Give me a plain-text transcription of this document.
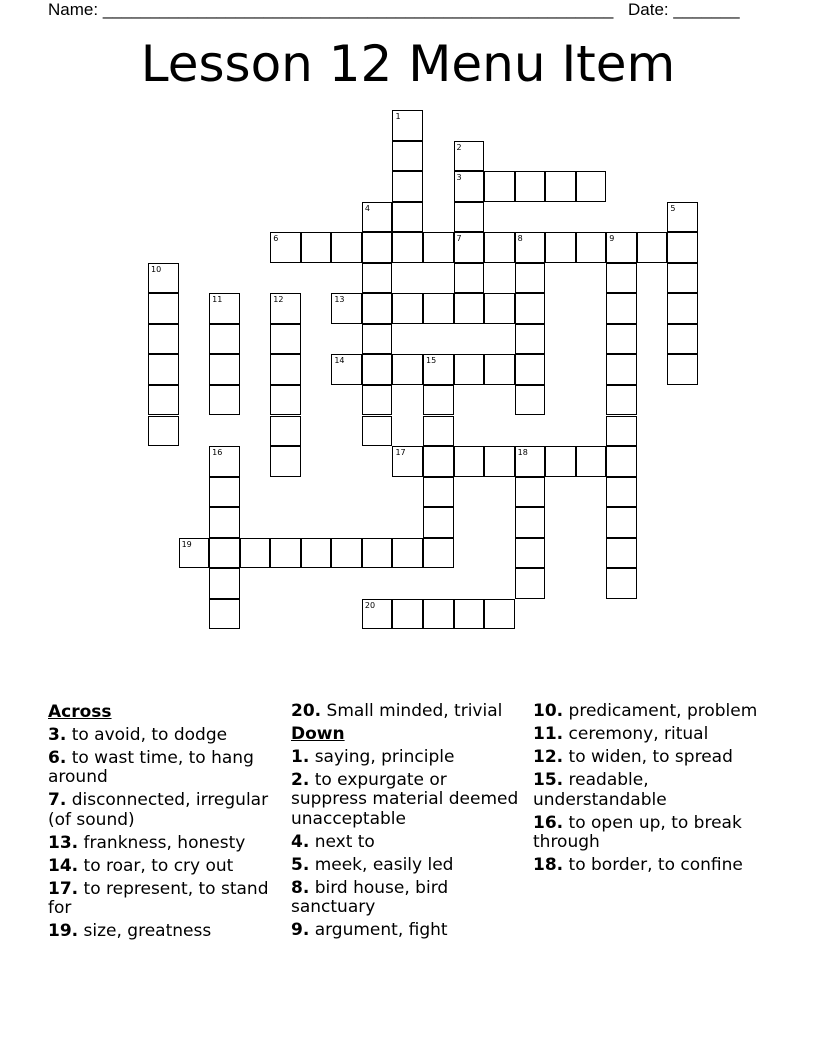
Name: ______________________________________________________ Date: _______
Lesson 12 Menu Item
1
2
3
7
4	5
6	8	9
10
11	12	13
14	15
16	17	18
19
20
Across
3. to avoid, to dodge
6. to wast time, to hang around
7. disconnected, irregular (of sound)
13. frankness, honesty
14. to roar, to cry out
17. to represent, to stand for
19. size, greatness
20. Small minded, trivial
Down
1. saying, principle
2. to expurgate or suppress material deemed unacceptable
4. next to
5. meek, easily led
8. bird house, bird sanctuary
9. argument, fight
10. predicament, problem
11. ceremony, ritual
12. to widen, to spread
15. readable, understandable
16. to open up, to break through
18. to border, to confine
